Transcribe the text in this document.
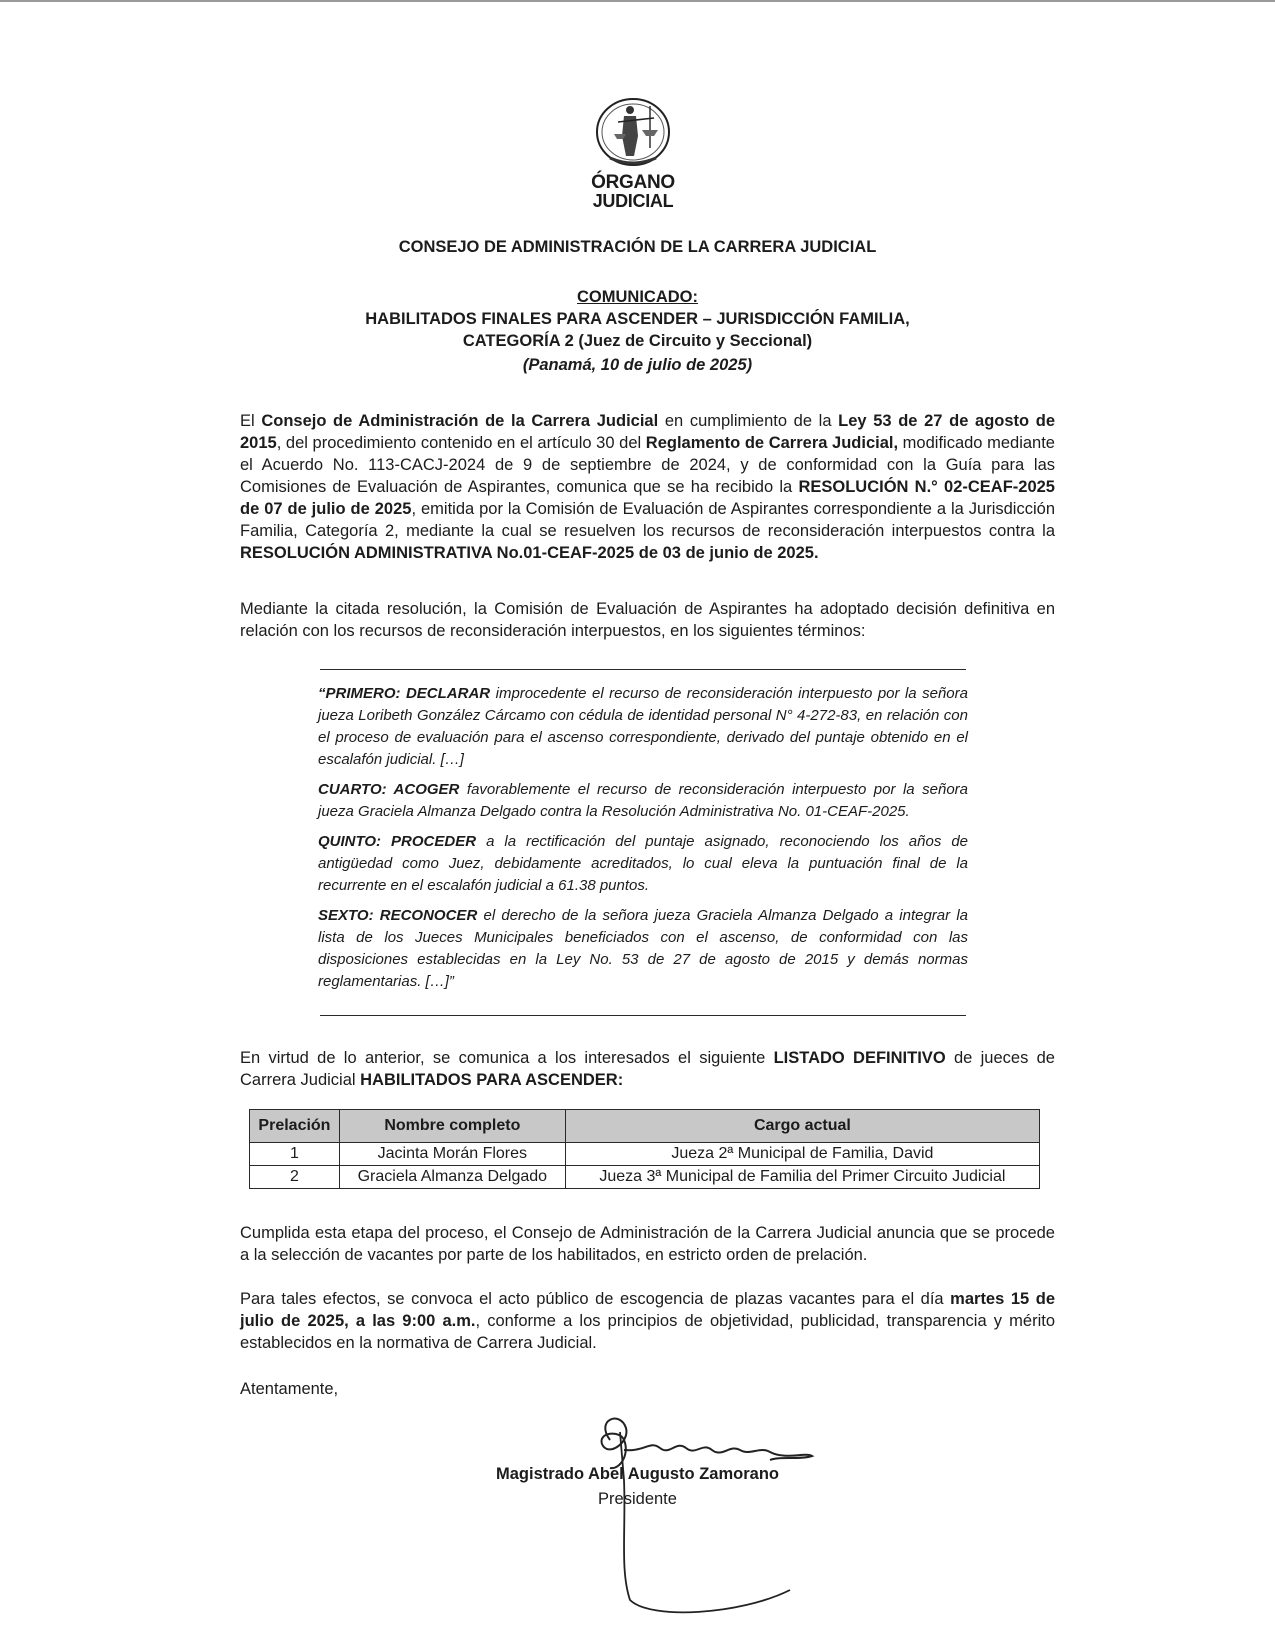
ÓRGANO
JUDICIAL
CONSEJO DE ADMINISTRACIÓN DE LA CARRERA JUDICIAL
COMUNICADO:
HABILITADOS FINALES PARA ASCENDER – JURISDICCIÓN FAMILIA,
CATEGORÍA 2 (Juez de Circuito y Seccional)
(Panamá, 10 de julio de 2025)
El Consejo de Administración de la Carrera Judicial en cumplimiento de la Ley 53 de 27 de agosto de 2015, del procedimiento contenido en el artículo 30 del Reglamento de Carrera Judicial, modificado mediante el Acuerdo No. 113-CACJ-2024 de 9 de septiembre de 2024, y de conformidad con la Guía para las Comisiones de Evaluación de Aspirantes, comunica que se ha recibido la RESOLUCIÓN N.° 02-CEAF-2025 de 07 de julio de 2025, emitida por la Comisión de Evaluación de Aspirantes correspondiente a la Jurisdicción Familia, Categoría 2, mediante la cual se resuelven los recursos de reconsideración interpuestos contra la RESOLUCIÓN ADMINISTRATIVA No.01-CEAF-2025 de 03 de junio de 2025.
Mediante la citada resolución, la Comisión de Evaluación de Aspirantes ha adoptado decisión definitiva en relación con los recursos de reconsideración interpuestos, en los siguientes términos:

“PRIMERO: DECLARAR improcedente el recurso de reconsideración interpuesto por la señora jueza Loribeth González Cárcamo con cédula de identidad personal N° 4-272-83, en relación con el proceso de evaluación para el ascenso correspondiente, derivado del puntaje obtenido en el escalafón judicial. […]

CUARTO: ACOGER favorablemente el recurso de reconsideración interpuesto por la señora jueza Graciela Almanza Delgado contra la Resolución Administrativa No. 01-CEAF-2025.

QUINTO: PROCEDER a la rectificación del puntaje asignado, reconociendo los años de antigüedad como Juez, debidamente acreditados, lo cual eleva la puntuación final de la recurrente en el escalafón judicial a 61.38 puntos.

SEXTO: RECONOCER el derecho de la señora jueza Graciela Almanza Delgado a integrar la lista de los Jueces Municipales beneficiados con el ascenso, de conformidad con las disposiciones establecidas en la Ley No. 53 de 27 de agosto de 2015 y demás normas reglamentarias. […]”

En virtud de lo anterior, se comunica a los interesados el siguiente LISTADO DEFINITIVO de jueces de Carrera Judicial HABILITADOS PARA ASCENDER:
Prelación	Nombre completo	Cargo actual
1	Jacinta Morán Flores	Jueza 2ª Municipal de Familia, David
2	Graciela Almanza Delgado	Jueza 3ª Municipal de Familia del Primer Circuito Judicial
Cumplida esta etapa del proceso, el Consejo de Administración de la Carrera Judicial anuncia que se procede a la selección de vacantes por parte de los habilitados, en estricto orden de prelación.
Para tales efectos, se convoca el acto público de escogencia de plazas vacantes para el día martes 15 de julio de 2025, a las 9:00 a.m., conforme a los principios de objetividad, publicidad, transparencia y mérito establecidos en la normativa de Carrera Judicial.
Atentamente,
Magistrado Abel Augusto Zamorano
Presidente
